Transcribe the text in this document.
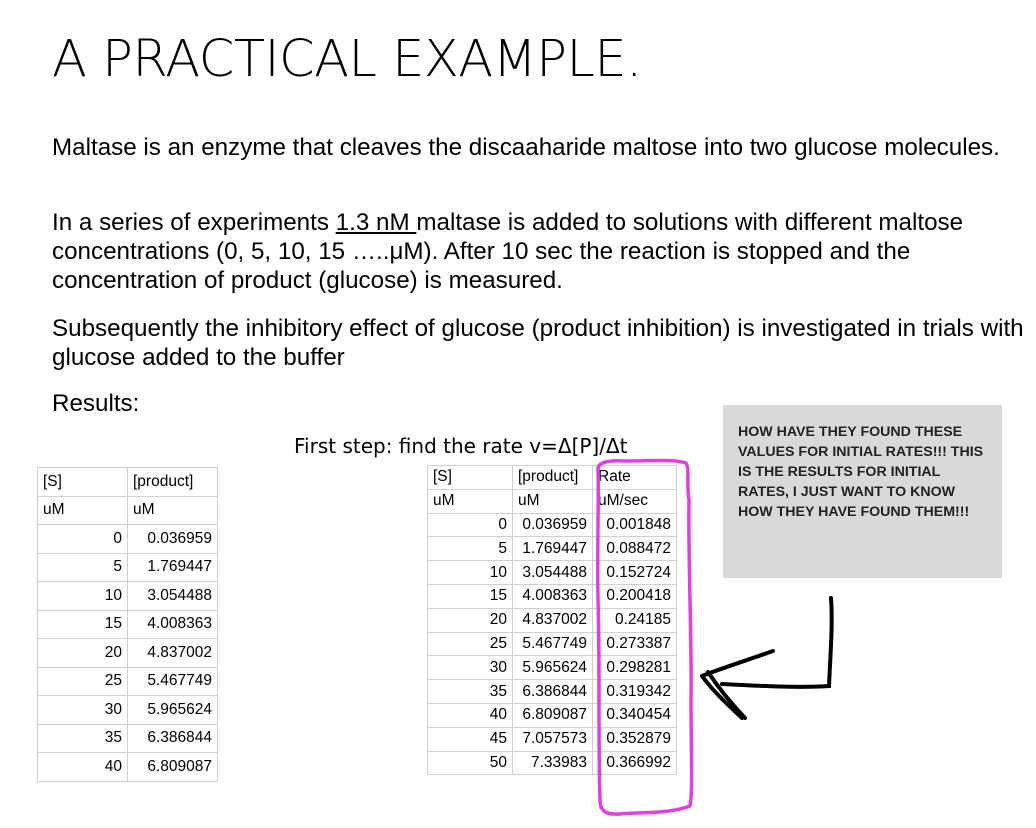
A PRACTICAL EXAMPLE.

Maltase is an enzyme that cleaves the discaaharide maltose into two glucose molecules.

In a series of experiments 1.3 nM maltase is added to solutions with different maltose concentrations (0, 5, 10, 15 …..μM). After 10 sec the reaction is stopped and the concentration of product (glucose) is measured.

Subsequently the inhibitory effect of glucose (product inhibition) is investigated in trials with glucose added to the buffer

Results:

First step: find the rate v=Δ[P]/Δt

[S]	[product]
uM	uM
0	0.036959
5	1.769447
10	3.054488
15	4.008363
20	4.837002
25	5.467749
30	5.965624
35	6.386844
40	6.809087
[S]	[product]	Rate
uM	uM	uM/sec
0	0.036959	0.001848
5	1.769447	0.088472
10	3.054488	0.152724
15	4.008363	0.200418
20	4.837002	0.24185
25	5.467749	0.273387
30	5.965624	0.298281
35	6.386844	0.319342
40	6.809087	0.340454
45	7.057573	0.352879
50	7.33983	0.366992
HOW HAVE THEY FOUND THESE VALUES FOR INITIAL RATES!!! THIS IS THE RESULTS FOR INITIAL RATES, I JUST WANT TO KNOW HOW THEY HAVE FOUND THEM!!!
